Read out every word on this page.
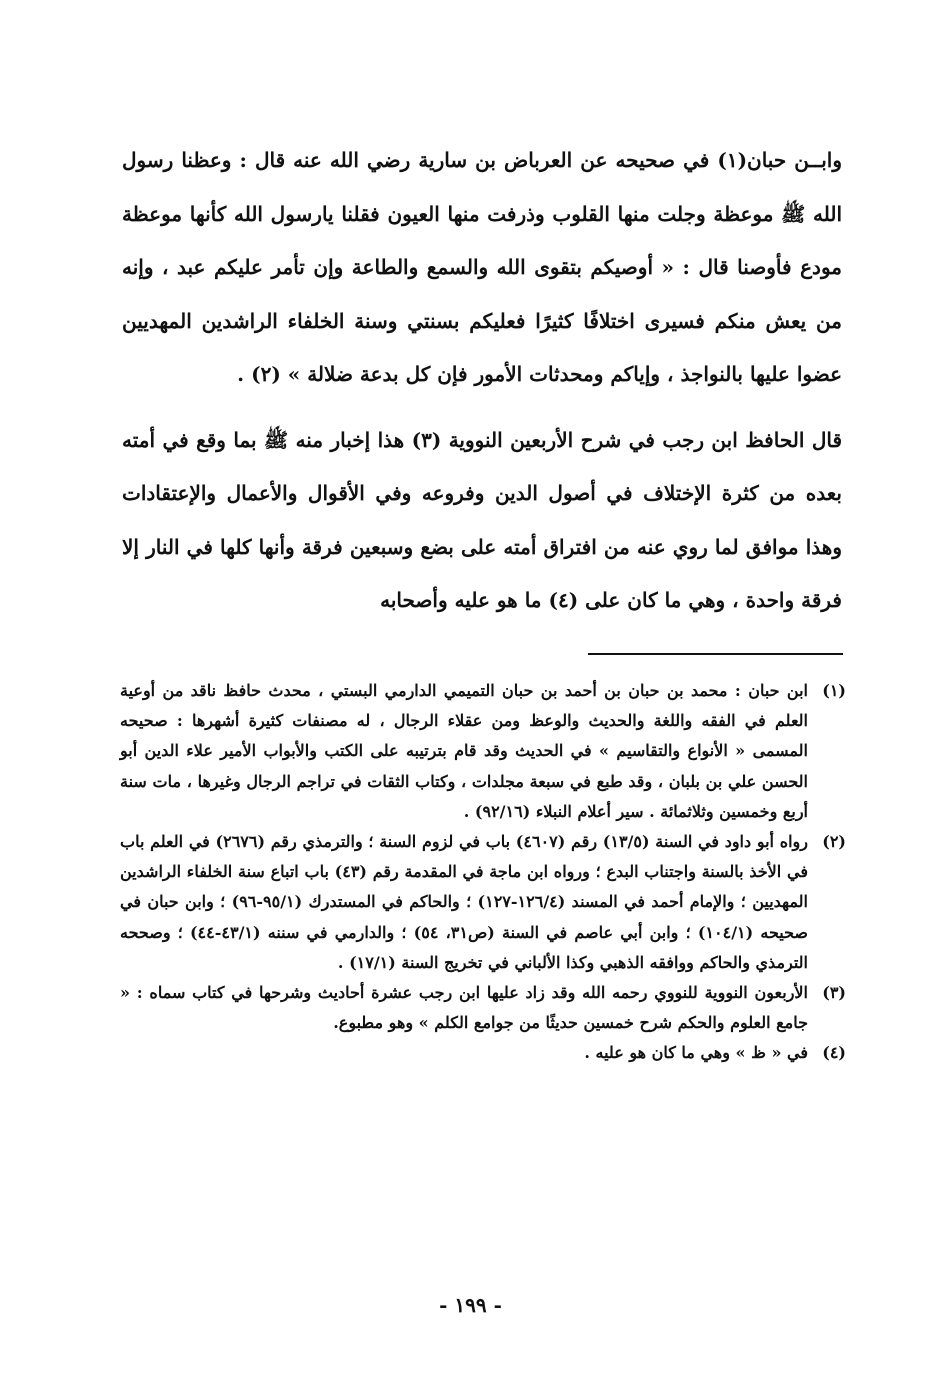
وابــن حبان(١) في صحيحه عن العرباض بن سارية رضي الله عنه قال : وعظنا رسول الله ﷺ موعظة وجلت منها القلوب وذرفت منها العيون فقلنا يارسول الله كأنها موعظة مودع فأوصنا قال : « أوصيكم بتقوى الله والسمع والطاعة وإن تأمر عليكم عبد ، وإنه من يعش منكم فسيرى اختلافًا كثيرًا فعليكم بسنتي وسنة الخلفاء الراشدين المهديين عضوا عليها بالنواجذ ، وإياكم ومحدثات الأمور فإن كل بدعة ضلالة » (٢) .

قال الحافظ ابن رجب في شرح الأربعين النووية (٣) هذا إخبار منه ﷺ بما وقع في أمته بعده من كثرة الإختلاف في أصول الدين وفروعه وفي الأقوال والأعمال والإعتقادات وهذا موافق لما روي عنه من افتراق أمته على بضع وسبعين فرقة وأنها كلها في النار إلا فرقة واحدة ، وهي ما كان على (٤) ما هو عليه وأصحابه

(١)
ابن حبان : محمد بن حبان بن أحمد بن حبان التميمي الدارمي البستي ، محدث حافظ ناقد من أوعية العلم في الفقه واللغة والحديث والوعظ ومن عقلاء الرجال ، له مصنفات كثيرة أشهرها : صحيحه المسمى « الأنواع والتقاسيم » في الحديث وقد قام بترتيبه على الكتب والأبواب الأمير علاء الدين أبو الحسن علي بن بلبان ، وقد طبع في سبعة مجلدات ، وكتاب الثقات في تراجم الرجال وغيرها ، مات سنة أربع وخمسين وثلاثمائة . سير أعلام النبلاء (٩٢/١٦) .
(٢)
رواه أبو داود في السنة (١٣/٥) رقم (٤٦٠٧) باب في لزوم السنة ؛ والترمذي رقم (٢٦٧٦) في العلم باب في الأخذ بالسنة واجتناب البدع ؛ ورواه ابن ماجة في المقدمة رقم (٤٣) باب اتباع سنة الخلفاء الراشدين المهديين ؛ والإمام أحمد في المسند (١٢٦/٤-١٢٧) ؛ والحاكم في المستدرك (٩٥/١-٩٦) ؛ وابن حبان في صحيحه (١٠٤/١) ؛ وابن أبي عاصم في السنة (ص٣١، ٥٤) ؛ والدارمي في سننه (٤٣/١-٤٤) ؛ وصححه الترمذي والحاكم ووافقه الذهبي وكذا الألباني في تخريج السنة (١٧/١) .
(٣)
الأربعون النووية للنووي رحمه الله وقد زاد عليها ابن رجب عشرة أحاديث وشرحها في كتاب سماه : « جامع العلوم والحكم شرح خمسين حديثًا من جوامع الكلم » وهو مطبوع.
(٤)
في « ظ » وهي ما كان هو عليه .
- ١٩٩ -
